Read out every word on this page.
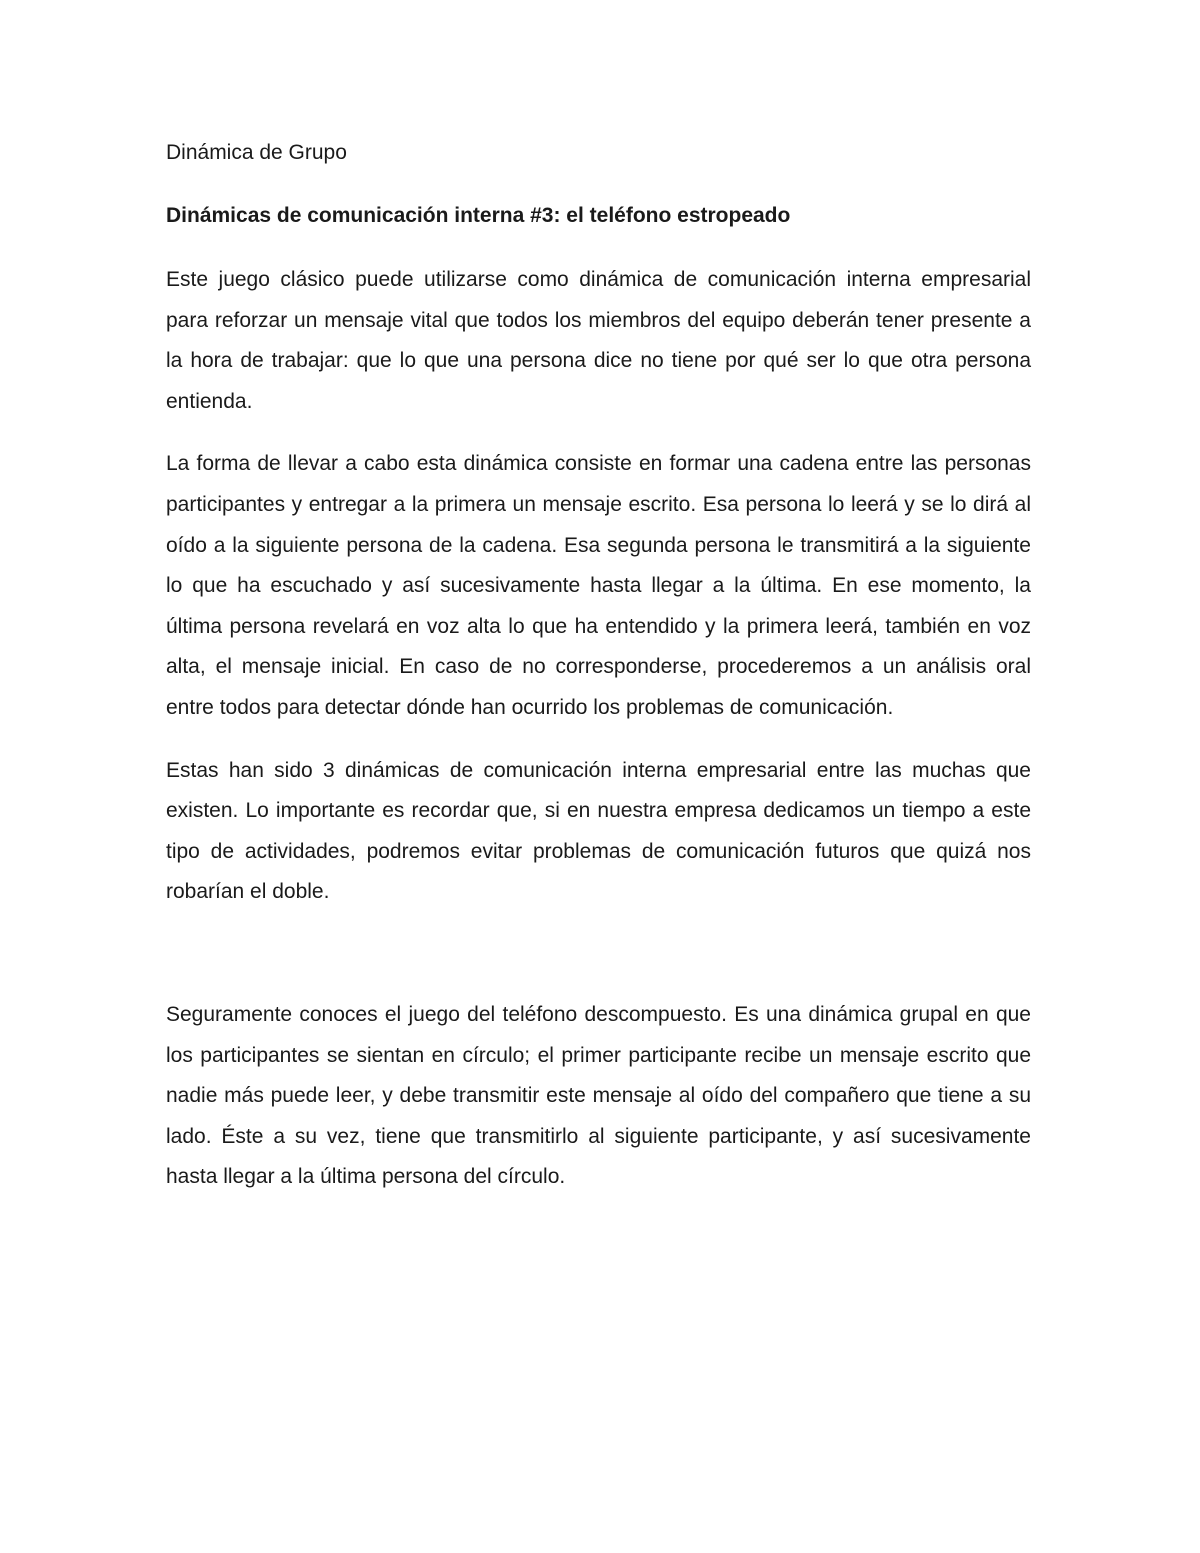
Dinámica de Grupo

Dinámicas de comunicación interna #3: el teléfono estropeado

Este juego clásico puede utilizarse como dinámica de comunicación interna empresarial para reforzar un mensaje vital que todos los miembros del equipo deberán tener presente a la hora de trabajar: que lo que una persona dice no tiene por qué ser lo que otra persona entienda.

La forma de llevar a cabo esta dinámica consiste en formar una cadena entre las personas participantes y entregar a la primera un mensaje escrito. Esa persona lo leerá y se lo dirá al oído a la siguiente persona de la cadena. Esa segunda persona le transmitirá a la siguiente lo que ha escuchado y así sucesivamente hasta llegar a la última. En ese momento, la última persona revelará en voz alta lo que ha entendido y la primera leerá, también en voz alta, el mensaje inicial. En caso de no corresponderse, procederemos a un análisis oral entre todos para detectar dónde han ocurrido los problemas de comunicación.

Estas han sido 3 dinámicas de comunicación interna empresarial entre las muchas que existen. Lo importante es recordar que, si en nuestra empresa dedicamos un tiempo a este tipo de actividades, podremos evitar problemas de comunicación futuros que quizá nos robarían el doble.

Seguramente conoces el juego del teléfono descompuesto. Es una dinámica grupal en que los participantes se sientan en círculo; el primer participante recibe un mensaje escrito que nadie más puede leer, y debe transmitir este mensaje al oído del compañero que tiene a su lado. Éste a su vez, tiene que transmitirlo al siguiente participante, y así sucesivamente hasta llegar a la última persona del círculo.
